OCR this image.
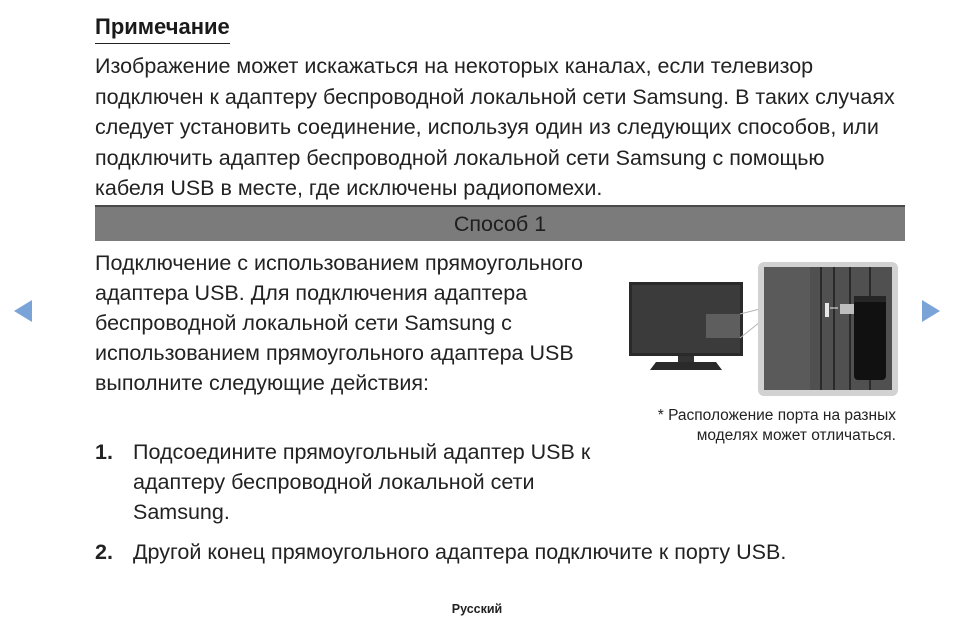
Примечание
Изображение может искажаться на некоторых каналах, если телевизор подключен к адаптеру беспроводной локальной сети Samsung. В таких случаях следует установить соединение, используя один из следующих способов, или подключить адаптер беспроводной локальной сети Samsung с помощью кабеля USB в месте, где исключены радиопомехи.
Способ 1
Подключение с использованием прямоугольного адаптера USB. Для подключения адаптера беспроводной локальной сети Samsung с использованием прямоугольного адаптера USB выполните следующие действия:
1. Подсоедините прямоугольный адаптер USB к адаптеру беспроводной локальной сети Samsung.
2. Другой конец прямоугольного адаптера подключите к порту USB.
* Расположение порта на разных моделях может отличаться.
Русский
